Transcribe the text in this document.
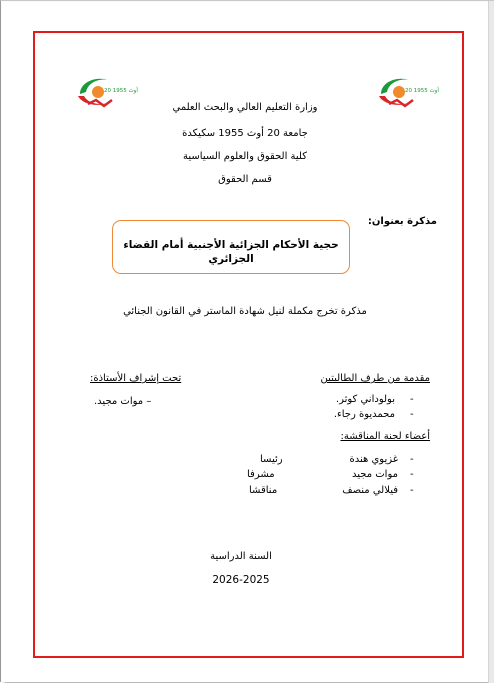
20 أوث 1955
20 أوث 1955
وزارة التعليم العالي والبحث العلمي
جامعة 20 أوث 1955 سكيكدة
كلية الحقوق والعلوم السياسية
قسم الحقوق
مذكرة بعنوان:
حجية الأحكام الجزائية الأجنبية أمام القضاء الجزائري
مذكرة تخرج مكملة لنيل شهادة الماستر في القانون الجنائي
مقدمة من طرف الطالبتين
تحت إشراف الأستاذة:
-
بولوداني كوثر.
-
محمديوة رجاء.
– موات مجيد.
أعضاء لجنة المناقشة:
-
غزيوي هندة
رئيسا
-
موات مجيد
مشرفا
-
فيلالي منصف
مناقشا
السنة الدراسية
2026-2025
